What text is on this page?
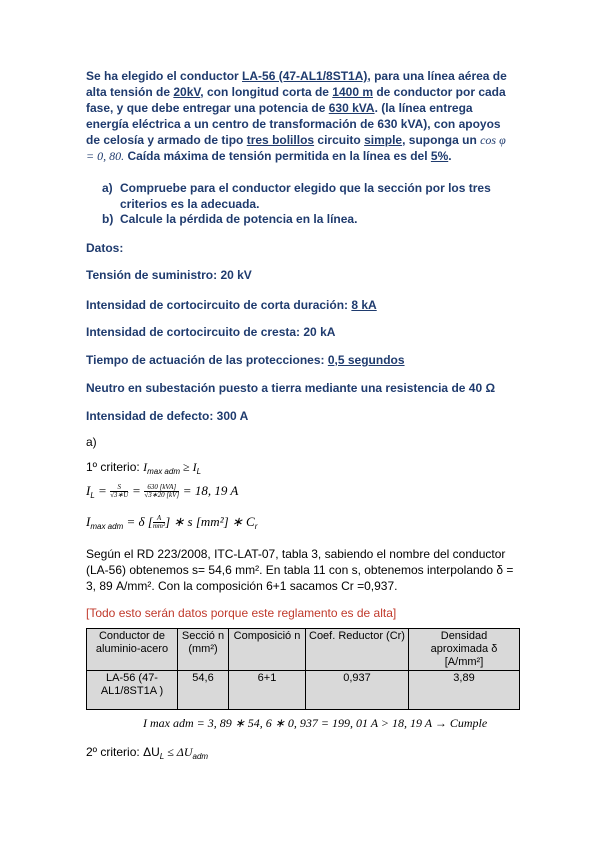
Se ha elegido el conductor LA-56 (47-AL1/8ST1A), para una línea aérea de alta tensión de 20kV, con longitud corta de 1400 m de conductor por cada fase, y que debe entregar una potencia de 630 kVA. (la línea entrega energía eléctrica a un centro de transformación de 630 kVA), con apoyos de celosía y armado de tipo tres bolillos circuito simple, suponga un cos φ = 0, 80. Caída máxima de tensión permitida en la línea es del 5%.
a) Compruebe para el conductor elegido que la sección por los tres criterios es la adecuada.
b) Calcule la pérdida de potencia en la línea.
Datos:
Tensión de suministro: 20 kV
Intensidad de cortocircuito de corta duración: 8 kA
Intensidad de cortocircuito de cresta: 20 kA
Tiempo de actuación de las protecciones: 0,5 segundos
Neutro en subestación puesto a tierra mediante una resistencia de 40 Ω
Intensidad de defecto: 300 A
a)
1º criterio: $I_{max adm} \ge I_L$
$I_L = \frac{S}{√3∗U} = \frac{\text{630 [kVA]}}{√3∗20 [kV]} = 18$, 19 A
$I_{max adm} = \delta$ [ $\frac{A}{\text{mm²}}$ ] ∗ s [mm²] ∗ $C_r$
Según el RD 223/2008, ITC-LAT-07, tabla 3, sabiendo el nombre del conductor (LA-56) obtenemos s= 54,6 mm². En tabla 11 con s, obtenemos interpolando δ = 3, 89 A/mm². Con la composición 6+1 sacamos Cr =0,937.
[Todo esto serán datos porque este reglamento es de alta]
Conductor de aluminio-acero	Secció n (mm²)	Composició n	Coef. Reductor (Cr)	Densidad aproximada δ [A/mm²]
LA-56 (47-AL1/8ST1A )	54,6	6+1	0,937	3,89
I max adm = 3, 89 ∗ 54, 6 ∗ 0, 937 = 199, 01 A > 18, 19 A → Cumple
2º criterio: $\Delta U_L \le \Delta U_{adm}$
